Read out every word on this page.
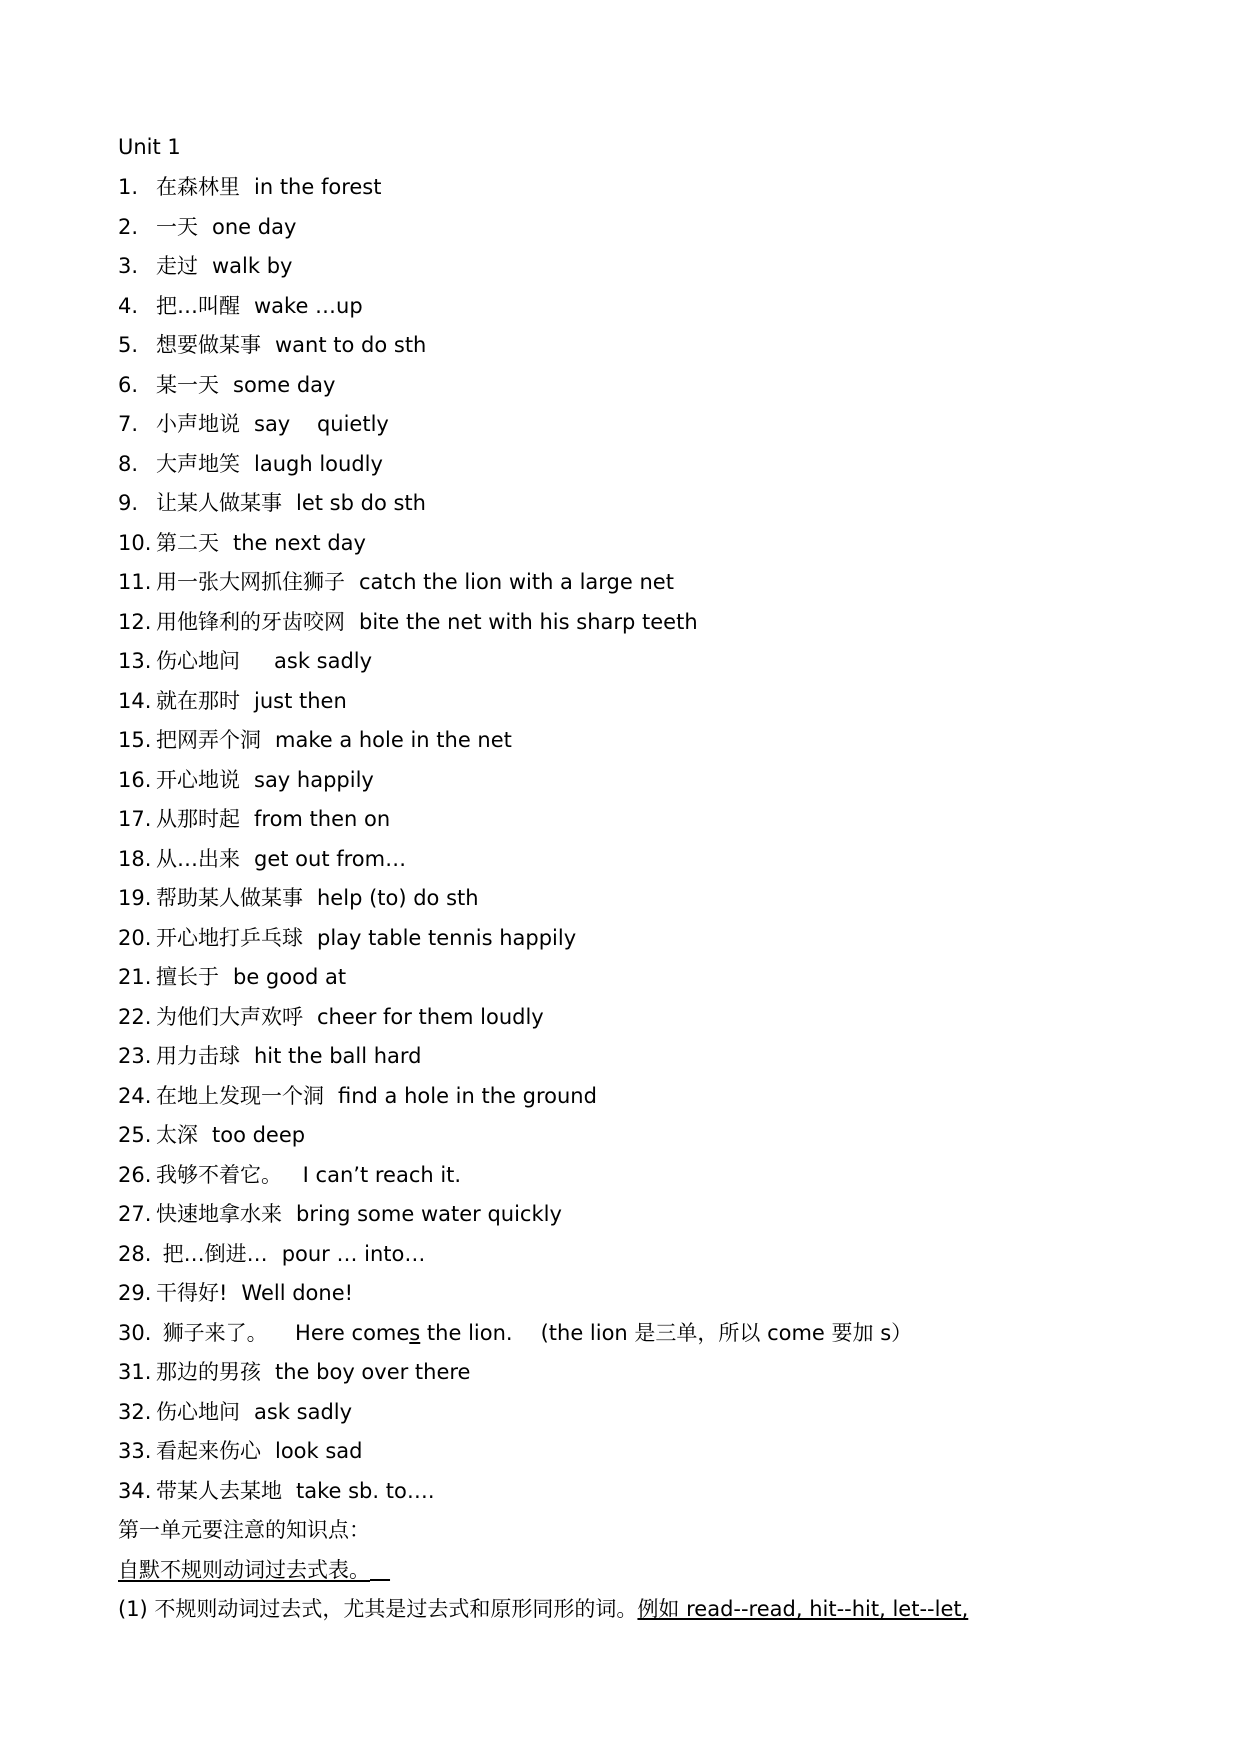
Unit 1
1. 在森林里 in the forest
2. 一天 one day
3. 走过 walk by
4. 把…叫醒 wake …up
5. 想要做某事 want to do sth
6. 某一天 some day
7. 小声地说 say    quietly
8. 大声地笑 laugh loudly
9. 让某人做某事 let sb do sth
10. 第二天 the next day
11. 用一张大网抓住狮子 catch the lion with a large net
12. 用他锋利的牙齿咬网 bite the net with his sharp teeth
13. 伤心地问   ask sadly
14. 就在那时 just then
15. 把网弄个洞 make a hole in the net
16. 开心地说 say happily
17. 从那时起 from then on
18. 从…出来 get out from…
19. 帮助某人做某事 help (to) do sth
20. 开心地打乒乓球 play table tennis happily
21. 擅长于 be good at
22. 为他们大声欢呼 cheer for them loudly
23. 用力击球 hit the ball hard
24. 在地上发现一个洞 find a hole in the ground
25. 太深 too deep
26. 我够不着它。 I can’t reach it.
27. 快速地拿水来 bring some water quickly
28. 把…倒进… pour … into…
29. 干得好! Well done!
30. 狮子来了。  Here comes the lion. (the lion 是三单，所以 come 要加 s）
31. 那边的男孩 the boy over there
32. 伤心地问 ask sadly
33. 看起来伤心 look sad
34. 带某人去某地 take sb. to….
第一单元要注意的知识点：
自默不规则动词过去式表。
(1) 不规则动词过去式，尤其是过去式和原形同形的词。例如 read--read, hit--hit, let--let,
